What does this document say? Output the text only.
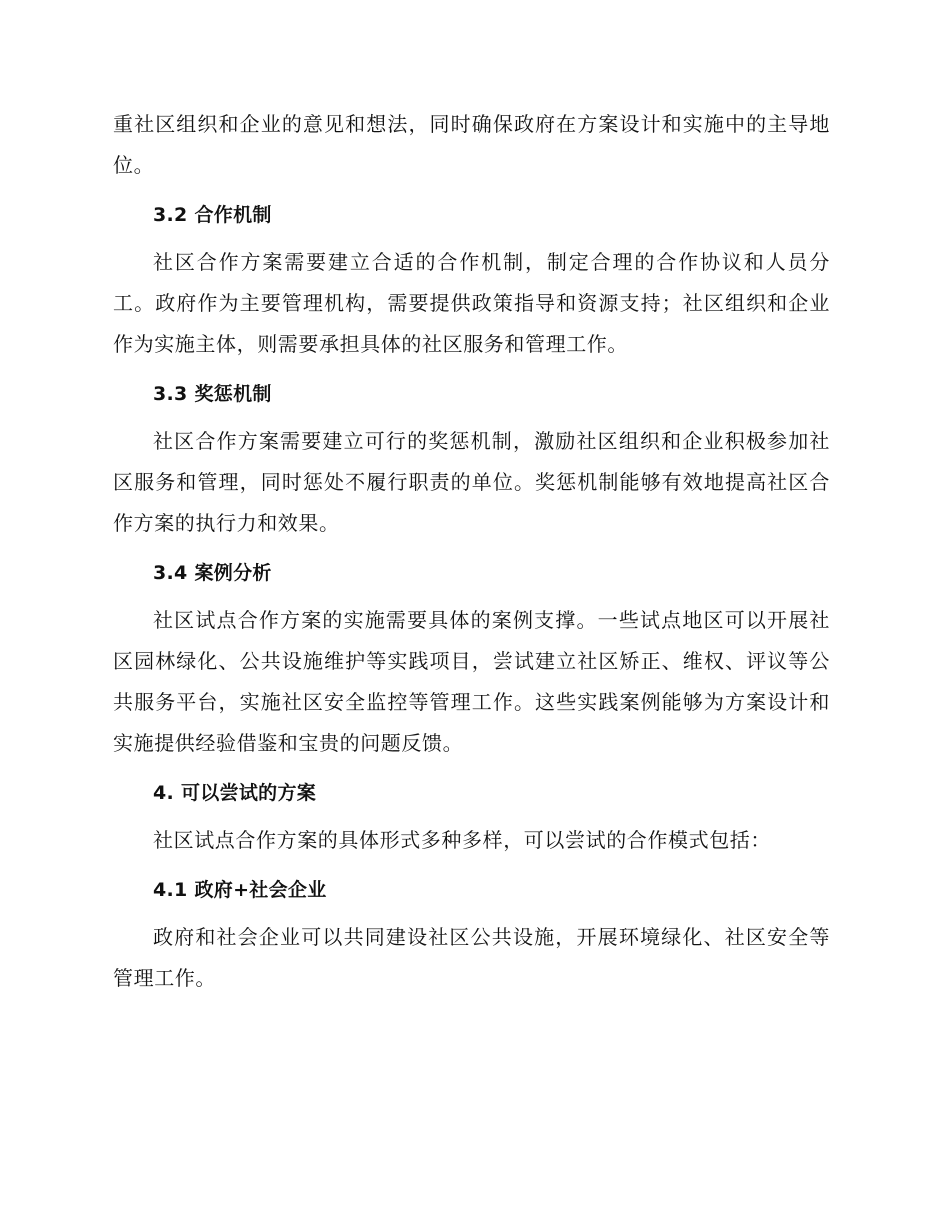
重社区组织和企业的意见和想法，同时确保政府在方案设计和实施中的主导地位。

3.2 合作机制

社区合作方案需要建立合适的合作机制，制定合理的合作协议和人员分工。政府作为主要管理机构，需要提供政策指导和资源支持；社区组织和企业作为实施主体，则需要承担具体的社区服务和管理工作。

3.3 奖惩机制

社区合作方案需要建立可行的奖惩机制，激励社区组织和企业积极参加社区服务和管理，同时惩处不履行职责的单位。奖惩机制能够有效地提高社区合作方案的执行力和效果。

3.4 案例分析

社区试点合作方案的实施需要具体的案例支撑。一些试点地区可以开展社区园林绿化、公共设施维护等实践项目，尝试建立社区矫正、维权、评议等公共服务平台，实施社区安全监控等管理工作。这些实践案例能够为方案设计和实施提供经验借鉴和宝贵的问题反馈。

4. 可以尝试的方案

社区试点合作方案的具体形式多种多样，可以尝试的合作模式包括：

4.1 政府+社会企业

政府和社会企业可以共同建设社区公共设施，开展环境绿化、社区安全等管理工作。
